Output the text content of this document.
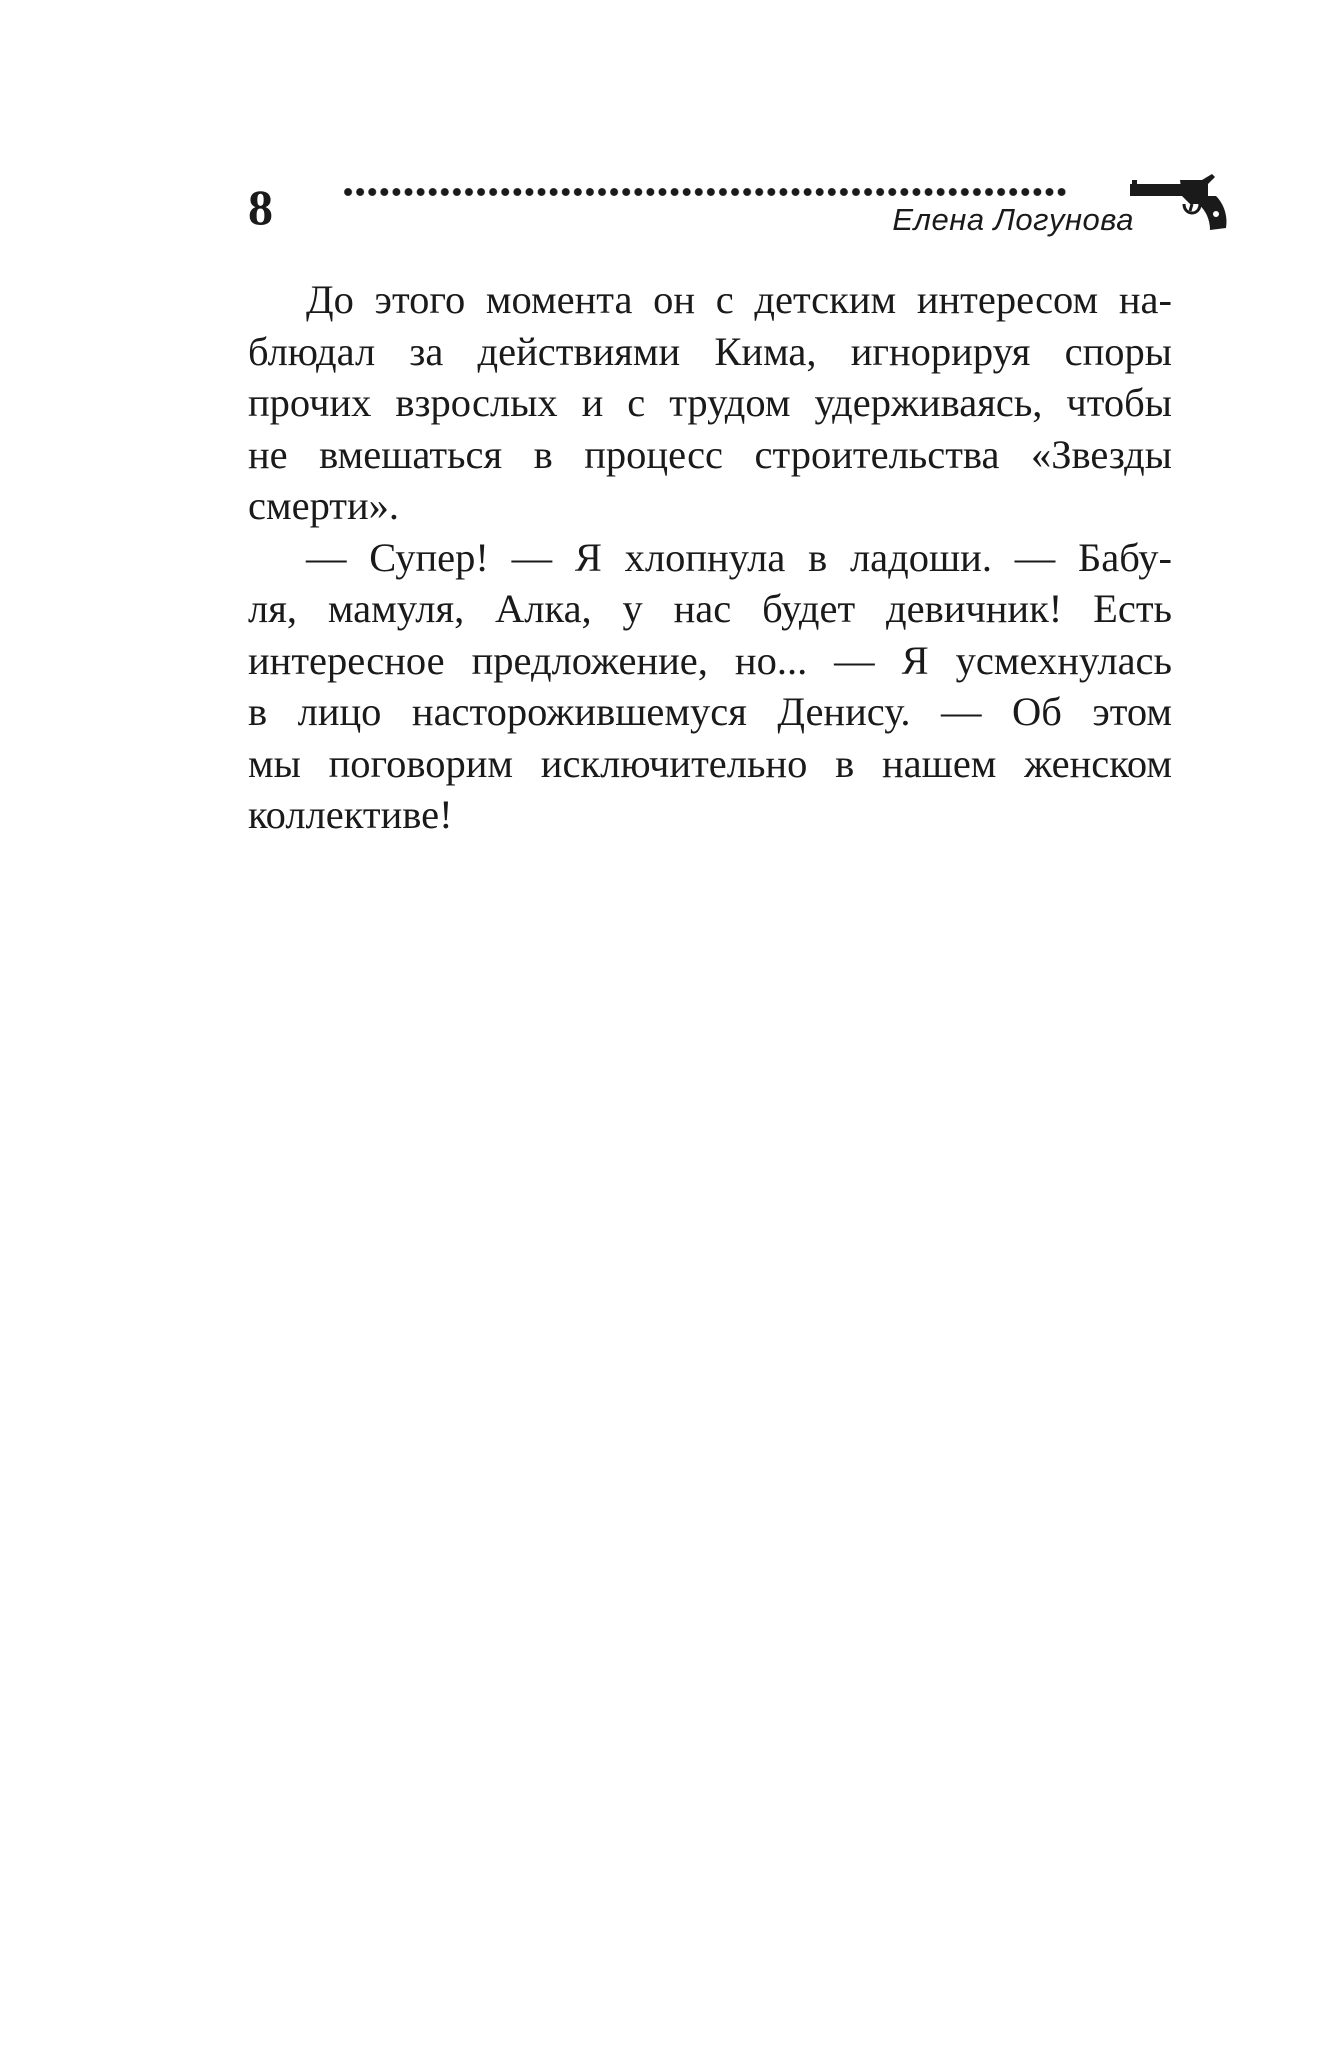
8	Елена Логунова
До этого момента он с детским интересом на-
блюдал за действиями Кима, игнорируя споры
прочих взрослых и с трудом удерживаясь, чтобы
не вмешаться в процесс строительства «Звезды
смерти».
— Супер! — Я хлопнула в ладоши. — Бабу-
ля, мамуля, Алка, у нас будет девичник! Есть
интересное предложение, но... — Я усмехнулась
в лицо насторожившемуся Денису. — Об этом
мы поговорим исключительно в нашем женском
коллективе!
